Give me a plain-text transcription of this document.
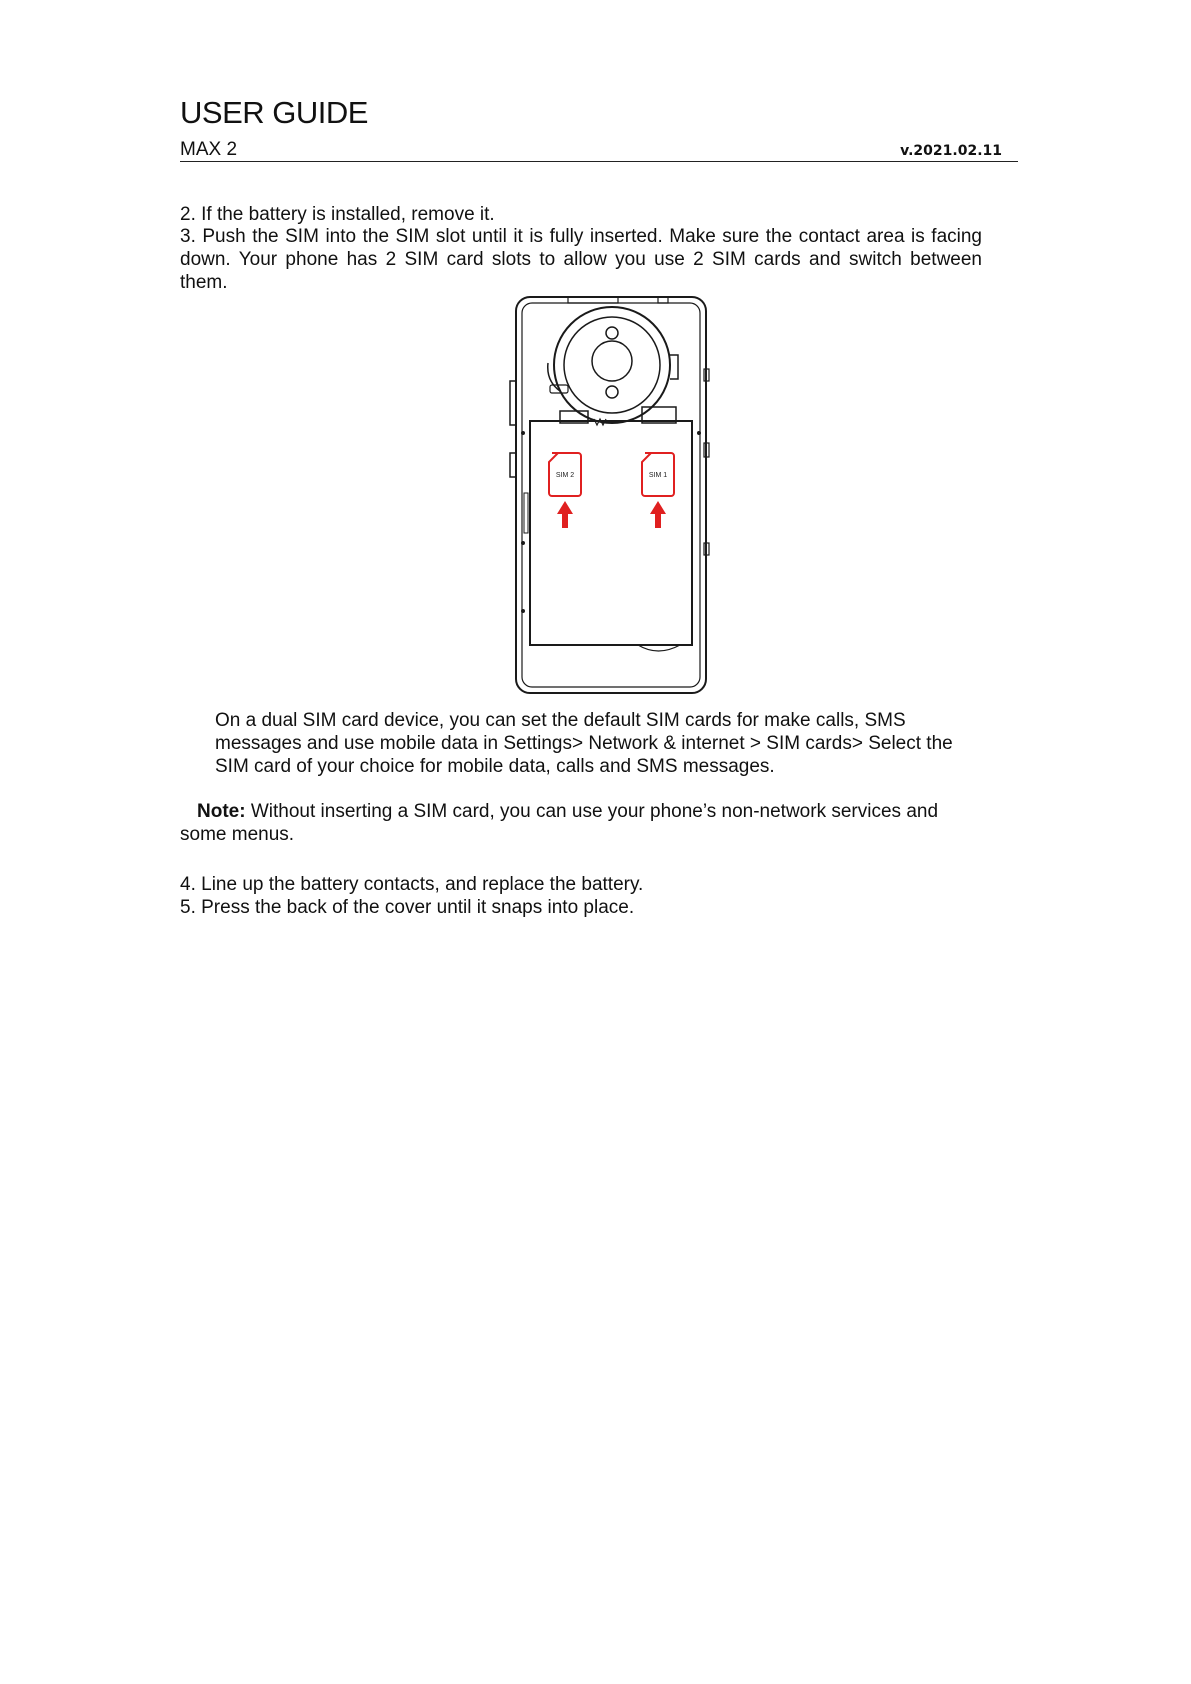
USER GUIDE
MAX 2	v.2021.02.11

2. If the battery is installed, remove it.

3. Push the SIM into the SIM slot until it is fully inserted. Make sure the contact area is facing down. Your phone has 2 SIM card slots to allow you use 2 SIM cards and switch between them.

SIM 2	SIM 1

On a dual SIM card device, you can set the default SIM cards for make calls, SMS messages and use mobile data in Settings> Network & internet > SIM cards> Select the SIM card of your choice for mobile data, calls and SMS messages.

Note: Without inserting a SIM card, you can use your phone’s non-network services and some menus.

4. Line up the battery contacts, and replace the battery.

5. Press the back of the cover until it snaps into place.
